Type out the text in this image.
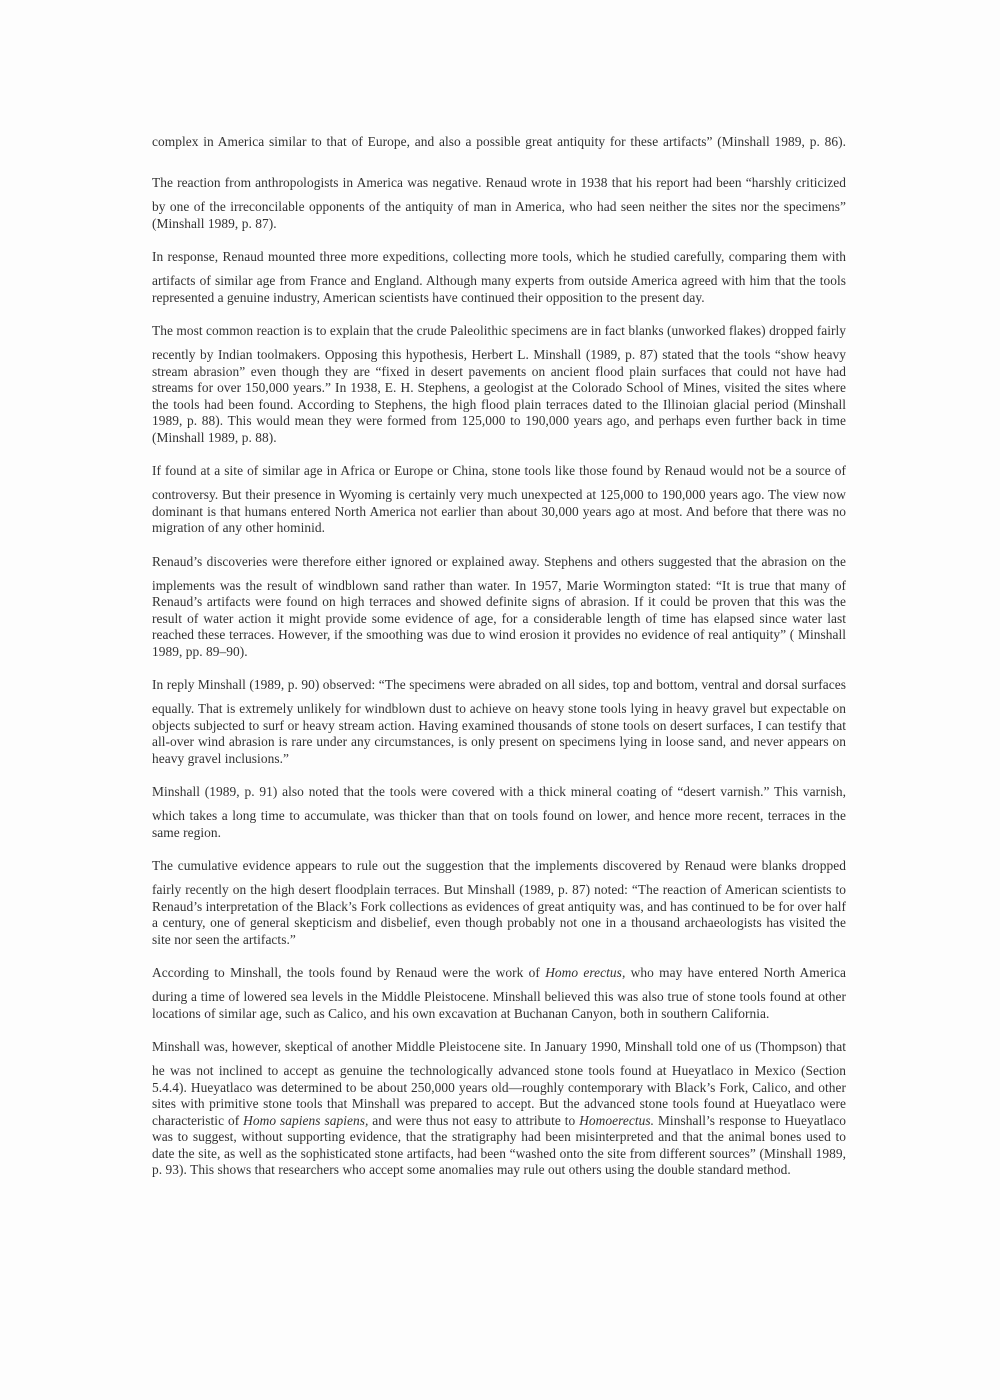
complex in America similar to that of Europe, and also a possible great antiquity for these artifacts” (Minshall 1989, p. 86).

The reaction from anthropologists in America was negative. Renaud wrote in 1938 that his report had been “harshly criticized by one of the irreconcilable opponents of the antiquity of man in America, who had seen neither the sites nor the specimens” (Minshall 1989, p. 87).

In response, Renaud mounted three more expeditions, collecting more tools, which he studied carefully, comparing them with artifacts of similar age from France and England. Although many experts from outside America agreed with him that the tools represented a genuine industry, American scientists have continued their opposition to the present day.

The most common reaction is to explain that the crude Paleolithic specimens are in fact blanks (unworked flakes) dropped fairly recently by Indian toolmakers. Opposing this hypothesis, Herbert L. Minshall (1989, p. 87) stated that the tools “show heavy stream abrasion” even though they are “fixed in desert pavements on ancient flood plain surfaces that could not have had streams for over 150,000 years.” In 1938, E. H. Stephens, a geologist at the Colorado School of Mines, visited the sites where the tools had been found. According to Stephens, the high flood plain terraces dated to the Illinoian glacial period (Minshall 1989, p. 88). This would mean they were formed from 125,000 to 190,000 years ago, and perhaps even further back in time (Minshall 1989, p. 88).

If found at a site of similar age in Africa or Europe or China, stone tools like those found by Renaud would not be a source of controversy. But their presence in Wyoming is certainly very much unexpected at 125,000 to 190,000 years ago. The view now dominant is that humans entered North America not earlier than about 30,000 years ago at most. And before that there was no migration of any other hominid.

Renaud’s discoveries were therefore either ignored or explained away. Stephens and others suggested that the abrasion on the implements was the result of windblown sand rather than water. In 1957, Marie Wormington stated: “It is true that many of Renaud’s artifacts were found on high terraces and showed definite signs of abrasion. If it could be proven that this was the result of water action it might provide some evidence of age, for a considerable length of time has elapsed since water last reached these terraces. However, if the smoothing was due to wind erosion it provides no evidence of real antiquity” ( Minshall 1989, pp. 89–90).

In reply Minshall (1989, p. 90) observed: “The specimens were abraded on all sides, top and bottom, ventral and dorsal surfaces equally. That is extremely unlikely for windblown dust to achieve on heavy stone tools lying in heavy gravel but expectable on objects subjected to surf or heavy stream action. Having examined thousands of stone tools on desert surfaces, I can testify that all-over wind abrasion is rare under any circumstances, is only present on specimens lying in loose sand, and never appears on heavy gravel inclusions.”

Minshall (1989, p. 91) also noted that the tools were covered with a thick mineral coating of “desert varnish.” This varnish, which takes a long time to accumulate, was thicker than that on tools found on lower, and hence more recent, terraces in the same region.

The cumulative evidence appears to rule out the suggestion that the implements discovered by Renaud were blanks dropped fairly recently on the high desert floodplain terraces. But Minshall (1989, p. 87) noted: “The reaction of American scientists to Renaud’s interpretation of the Black’s Fork collections as evidences of great antiquity was, and has continued to be for over half a century, one of general skepticism and disbelief, even though probably not one in a thousand archaeologists has visited the site nor seen the artifacts.”

According to Minshall, the tools found by Renaud were the work of Homo erectus, who may have entered North America during a time of lowered sea levels in the Middle Pleistocene. Minshall believed this was also true of stone tools found at other locations of similar age, such as Calico, and his own excavation at Buchanan Canyon, both in southern California.

Minshall was, however, skeptical of another Middle Pleistocene site. In January 1990, Minshall told one of us (Thompson) that he was not inclined to accept as genuine the technologically advanced stone tools found at Hueyatlaco in Mexico (Section 5.4.4). Hueyatlaco was determined to be about 250,000 years old—roughly contemporary with Black’s Fork, Calico, and other sites with primitive stone tools that Minshall was prepared to accept. But the advanced stone tools found at Hueyatlaco were characteristic of Homo sapiens sapiens, and were thus not easy to attribute to Homoerectus. Minshall’s response to Hueyatlaco was to suggest, without supporting evidence, that the stratigraphy had been misinterpreted and that the animal bones used to date the site, as well as the sophisticated stone artifacts, had been “washed onto the site from different sources” (Minshall 1989, p. 93). This shows that researchers who accept some anomalies may rule out others using the double standard method.
